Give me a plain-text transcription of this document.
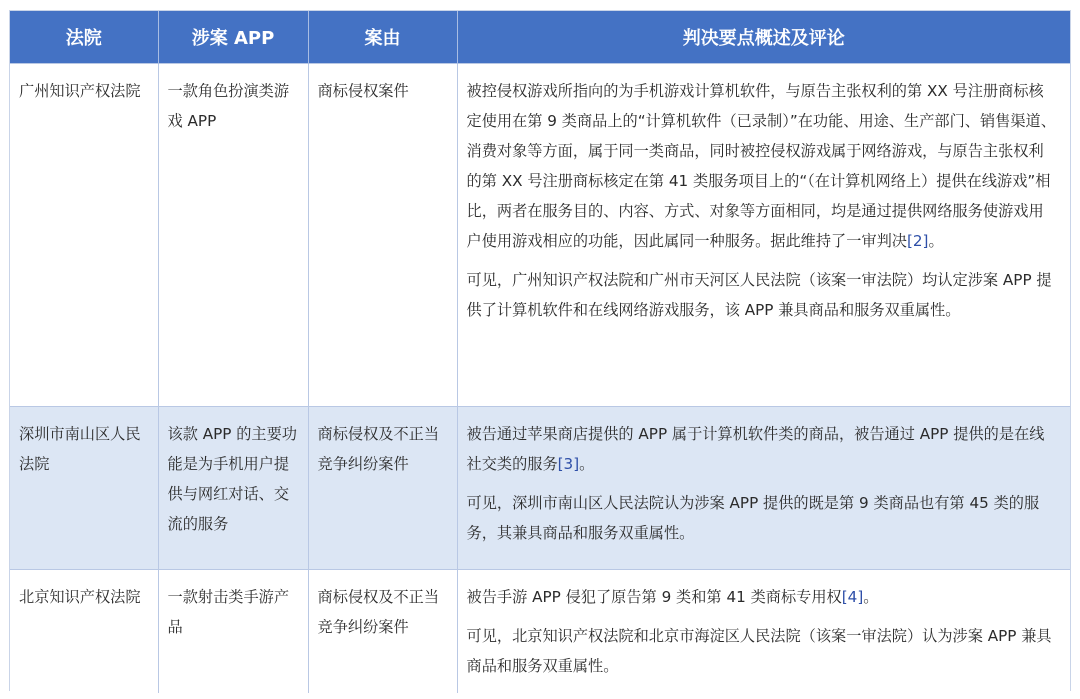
法院	涉案 APP	案由	判决要点概述及评论
广州知识产权法院	一款角色扮演类游戏 APP	商标侵权案件	被控侵权游戏所指向的为手机游戏计算机软件，与原告主张权利的第 XX 号注册商标核定使用在第 9 类商品上的“计算机软件（已录制）”在功能、用途、生产部门、销售渠道、消费对象等方面，属于同一类商品，同时被控侵权游戏属于网络游戏，与原告主张权利的第 XX 号注册商标核定在第 41 类服务项目上的“（在计算机网络上）提供在线游戏”相比，两者在服务目的、内容、方式、对象等方面相同，均是通过提供网络服务使游戏用户使用游戏相应的功能，因此属同一种服务。据此维持了一审判决[2]。

可见，广州知识产权法院和广州市天河区人民法院（该案一审法院）均认定涉案 APP 提供了计算机软件和在线网络游戏服务，该 APP 兼具商品和服务双重属性。

深圳市南山区人民法院	该款 APP 的主要功能是为手机用户提供与网红对话、交流的服务	商标侵权及不正当竞争纠纷案件	被告通过苹果商店提供的 APP 属于计算机软件类的商品，被告通过 APP 提供的是在线社交类的服务[3]。

可见，深圳市南山区人民法院认为涉案 APP 提供的既是第 9 类商品也有第 45 类的服务，其兼具商品和服务双重属性。

北京知识产权法院	一款射击类手游产品	商标侵权及不正当竞争纠纷案件	被告手游 APP 侵犯了原告第 9 类和第 41 类商标专用权[4]。

可见，北京知识产权法院和北京市海淀区人民法院（该案一审法院）认为涉案 APP 兼具商品和服务双重属性。
